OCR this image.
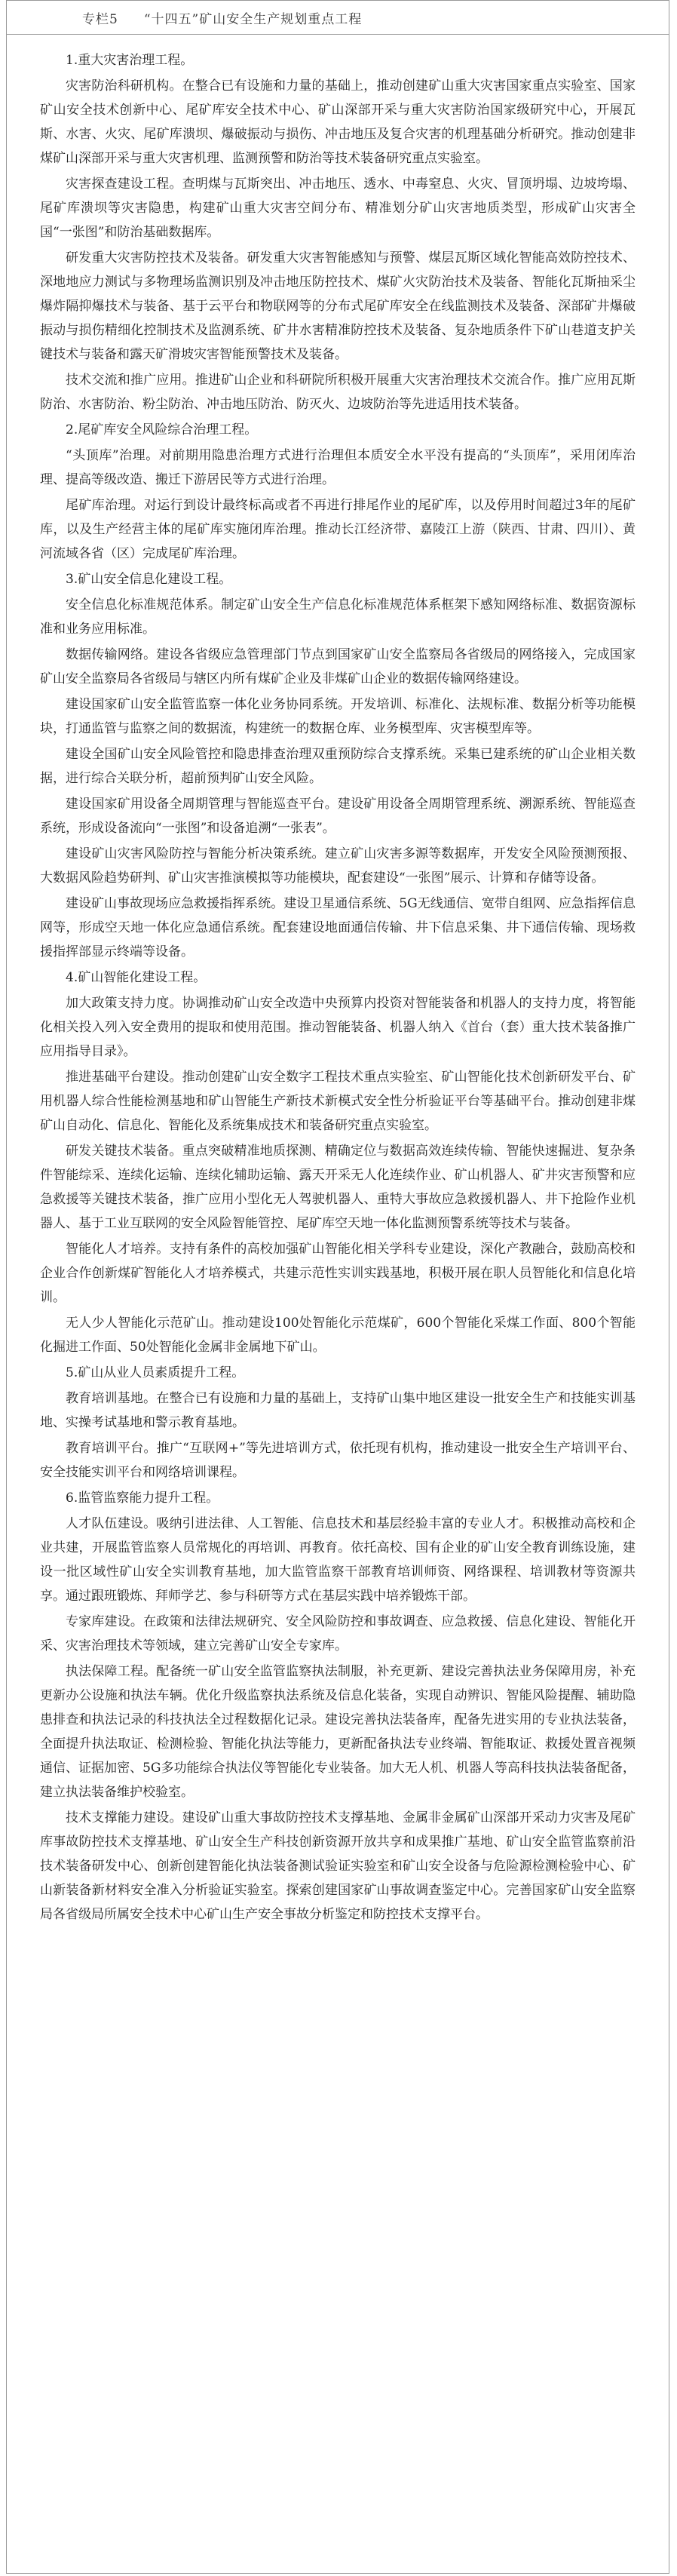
专栏5 “十四五”矿山安全生产规划重点工程
1.重大灾害治理工程。

灾害防治科研机构。在整合已有设施和力量的基础上，推动创建矿山重大灾害国家重点实验室、国家矿山安全技术创新中心、尾矿库安全技术中心、矿山深部开采与重大灾害防治国家级研究中心，开展瓦斯、水害、火灾、尾矿库溃坝、爆破振动与损伤、冲击地压及复合灾害的机理基础分析研究。推动创建非煤矿山深部开采与重大灾害机理、监测预警和防治等技术装备研究重点实验室。

灾害探查建设工程。查明煤与瓦斯突出、冲击地压、透水、中毒窒息、火灾、冒顶坍塌、边坡垮塌、尾矿库溃坝等灾害隐患，构建矿山重大灾害空间分布、精准划分矿山灾害地质类型，形成矿山灾害全国“一张图”和防治基础数据库。

研发重大灾害防控技术及装备。研发重大灾害智能感知与预警、煤层瓦斯区域化智能高效防控技术、深地地应力测试与多物理场监测识别及冲击地压防控技术、煤矿火灾防治技术及装备、智能化瓦斯抽采尘爆炸隔抑爆技术与装备、基于云平台和物联网等的分布式尾矿库安全在线监测技术及装备、深部矿井爆破振动与损伤精细化控制技术及监测系统、矿井水害精准防控技术及装备、复杂地质条件下矿山巷道支护关键技术与装备和露天矿滑坡灾害智能预警技术及装备。

技术交流和推广应用。推进矿山企业和科研院所积极开展重大灾害治理技术交流合作。推广应用瓦斯防治、水害防治、粉尘防治、冲击地压防治、防灭火、边坡防治等先进适用技术装备。

2.尾矿库安全风险综合治理工程。

“头顶库”治理。对前期用隐患治理方式进行治理但本质安全水平没有提高的“头顶库”，采用闭库治理、提高等级改造、搬迁下游居民等方式进行治理。

尾矿库治理。对运行到设计最终标高或者不再进行排尾作业的尾矿库，以及停用时间超过3年的尾矿库，以及生产经营主体的尾矿库实施闭库治理。推动长江经济带、嘉陵江上游（陕西、甘肃、四川）、黄河流域各省（区）完成尾矿库治理。

3.矿山安全信息化建设工程。

安全信息化标准规范体系。制定矿山安全生产信息化标准规范体系框架下感知网络标准、数据资源标准和业务应用标准。

数据传输网络。建设各省级应急管理部门节点到国家矿山安全监察局各省级局的网络接入，完成国家矿山安全监察局各省级局与辖区内所有煤矿企业及非煤矿山企业的数据传输网络建设。

建设国家矿山安全监管监察一体化业务协同系统。开发培训、标准化、法规标准、数据分析等功能模块，打通监管与监察之间的数据流，构建统一的数据仓库、业务模型库、灾害模型库等。

建设全国矿山安全风险管控和隐患排查治理双重预防综合支撑系统。采集已建系统的矿山企业相关数据，进行综合关联分析，超前预判矿山安全风险。

建设国家矿用设备全周期管理与智能巡查平台。建设矿用设备全周期管理系统、溯源系统、智能巡查系统，形成设备流向“一张图”和设备追溯“一张表”。

建设矿山灾害风险防控与智能分析决策系统。建立矿山灾害多源等数据库，开发安全风险预测预报、大数据风险趋势研判、矿山灾害推演模拟等功能模块，配套建设“一张图”展示、计算和存储等设备。

建设矿山事故现场应急救援指挥系统。建设卫星通信系统、5G无线通信、宽带自组网、应急指挥信息网等，形成空天地一体化应急通信系统。配套建设地面通信传输、井下信息采集、井下通信传输、现场救援指挥部显示终端等设备。

4.矿山智能化建设工程。

加大政策支持力度。协调推动矿山安全改造中央预算内投资对智能装备和机器人的支持力度，将智能化相关投入列入安全费用的提取和使用范围。推动智能装备、机器人纳入《首台（套）重大技术装备推广应用指导目录》。

推进基础平台建设。推动创建矿山安全数字工程技术重点实验室、矿山智能化技术创新研发平台、矿用机器人综合性能检测基地和矿山智能生产新技术新模式安全性分析验证平台等基础平台。推动创建非煤矿山自动化、信息化、智能化及系统集成技术和装备研究重点实验室。

研发关键技术装备。重点突破精准地质探测、精确定位与数据高效连续传输、智能快速掘进、复杂条件智能综采、连续化运输、连续化辅助运输、露天开采无人化连续作业、矿山机器人、矿井灾害预警和应急救援等关键技术装备，推广应用小型化无人驾驶机器人、重特大事故应急救援机器人、井下抢险作业机器人、基于工业互联网的安全风险智能管控、尾矿库空天地一体化监测预警系统等技术与装备。

智能化人才培养。支持有条件的高校加强矿山智能化相关学科专业建设，深化产教融合，鼓励高校和企业合作创新煤矿智能化人才培养模式，共建示范性实训实践基地，积极开展在职人员智能化和信息化培训。

无人少人智能化示范矿山。推动建设100处智能化示范煤矿，600个智能化采煤工作面、800个智能化掘进工作面、50处智能化金属非金属地下矿山。

5.矿山从业人员素质提升工程。

教育培训基地。在整合已有设施和力量的基础上，支持矿山集中地区建设一批安全生产和技能实训基地、实操考试基地和警示教育基地。

教育培训平台。推广“互联网+”等先进培训方式，依托现有机构，推动建设一批安全生产培训平台、安全技能实训平台和网络培训课程。

6.监管监察能力提升工程。

人才队伍建设。吸纳引进法律、人工智能、信息技术和基层经验丰富的专业人才。积极推动高校和企业共建，开展监管监察人员常规化的再培训、再教育。依托高校、国有企业的矿山安全教育训练设施，建设一批区域性矿山安全实训教育基地，加大监管监察干部教育培训师资、网络课程、培训教材等资源共享。通过跟班锻炼、拜师学艺、参与科研等方式在基层实践中培养锻炼干部。

专家库建设。在政策和法律法规研究、安全风险防控和事故调查、应急救援、信息化建设、智能化开采、灾害治理技术等领域，建立完善矿山安全专家库。

执法保障工程。配备统一矿山安全监管监察执法制服，补充更新、建设完善执法业务保障用房，补充更新办公设施和执法车辆。优化升级监察执法系统及信息化装备，实现自动辨识、智能风险提醒、辅助隐患排查和执法记录的科技执法全过程数据化记录。建设完善执法装备库，配备先进实用的专业执法装备，全面提升执法取证、检测检验、智能化执法等能力，更新配备执法专业终端、智能取证、救援处置音视频通信、证据加密、5G多功能综合执法仪等智能化专业装备。加大无人机、机器人等高科技执法装备配备，建立执法装备维护校验室。

技术支撑能力建设。建设矿山重大事故防控技术支撑基地、金属非金属矿山深部开采动力灾害及尾矿库事故防控技术支撑基地、矿山安全生产科技创新资源开放共享和成果推广基地、矿山安全监管监察前沿技术装备研发中心、创新创建智能化执法装备测试验证实验室和矿山安全设备与危险源检测检验中心、矿山新装备新材料安全准入分析验证实验室。探索创建国家矿山事故调查鉴定中心。完善国家矿山安全监察局各省级局所属安全技术中心矿山生产安全事故分析鉴定和防控技术支撑平台。
